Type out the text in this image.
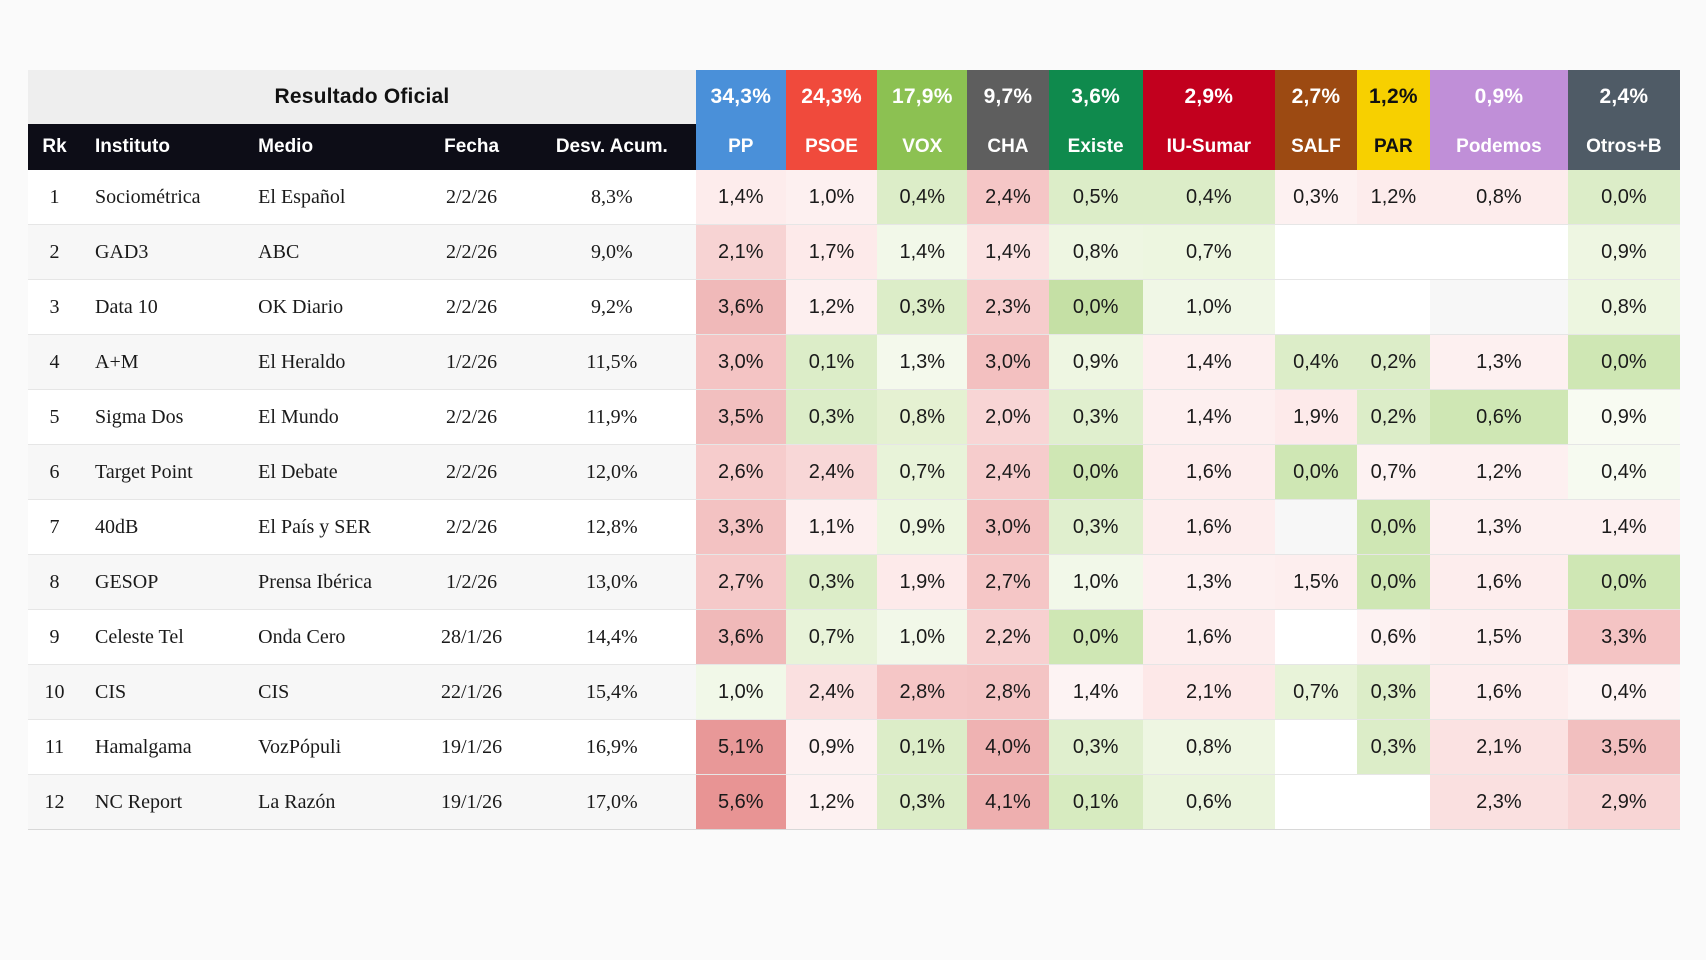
Resultado Oficial					34,3%	24,3%	17,9%	9,7%	3,6%	2,9%	2,7%	1,2%	0,9%	2,4%
Rk	Instituto	Medio	Fecha	Desv. Acum.	PP	PSOE	VOX	CHA	Existe	IU-Sumar	SALF	PAR	Podemos	Otros+B
1	Sociométrica	El Español	2/2/26	8,3%	1,4%	1,0%	0,4%	2,4%	0,5%	0,4%	0,3%	1,2%	0,8%	0,0%
2	GAD3	ABC	2/2/26	9,0%	2,1%	1,7%	1,4%	1,4%	0,8%	0,7%				0,9%
3	Data 10	OK Diario	2/2/26	9,2%	3,6%	1,2%	0,3%	2,3%	0,0%	1,0%				0,8%
4	A+M	El Heraldo	1/2/26	11,5%	3,0%	0,1%	1,3%	3,0%	0,9%	1,4%	0,4%	0,2%	1,3%	0,0%
5	Sigma Dos	El Mundo	2/2/26	11,9%	3,5%	0,3%	0,8%	2,0%	0,3%	1,4%	1,9%	0,2%	0,6%	0,9%
6	Target Point	El Debate	2/2/26	12,0%	2,6%	2,4%	0,7%	2,4%	0,0%	1,6%	0,0%	0,7%	1,2%	0,4%
7	40dB	El País y SER	2/2/26	12,8%	3,3%	1,1%	0,9%	3,0%	0,3%	1,6%		0,0%	1,3%	1,4%
8	GESOP	Prensa Ibérica	1/2/26	13,0%	2,7%	0,3%	1,9%	2,7%	1,0%	1,3%	1,5%	0,0%	1,6%	0,0%
9	Celeste Tel	Onda Cero	28/1/26	14,4%	3,6%	0,7%	1,0%	2,2%	0,0%	1,6%		0,6%	1,5%	3,3%
10	CIS	CIS	22/1/26	15,4%	1,0%	2,4%	2,8%	2,8%	1,4%	2,1%	0,7%	0,3%	1,6%	0,4%
11	Hamalgama	VozPópuli	19/1/26	16,9%	5,1%	0,9%	0,1%	4,0%	0,3%	0,8%		0,3%	2,1%	3,5%
12	NC Report	La Razón	19/1/26	17,0%	5,6%	1,2%	0,3%	4,1%	0,1%	0,6%			2,3%	2,9%
